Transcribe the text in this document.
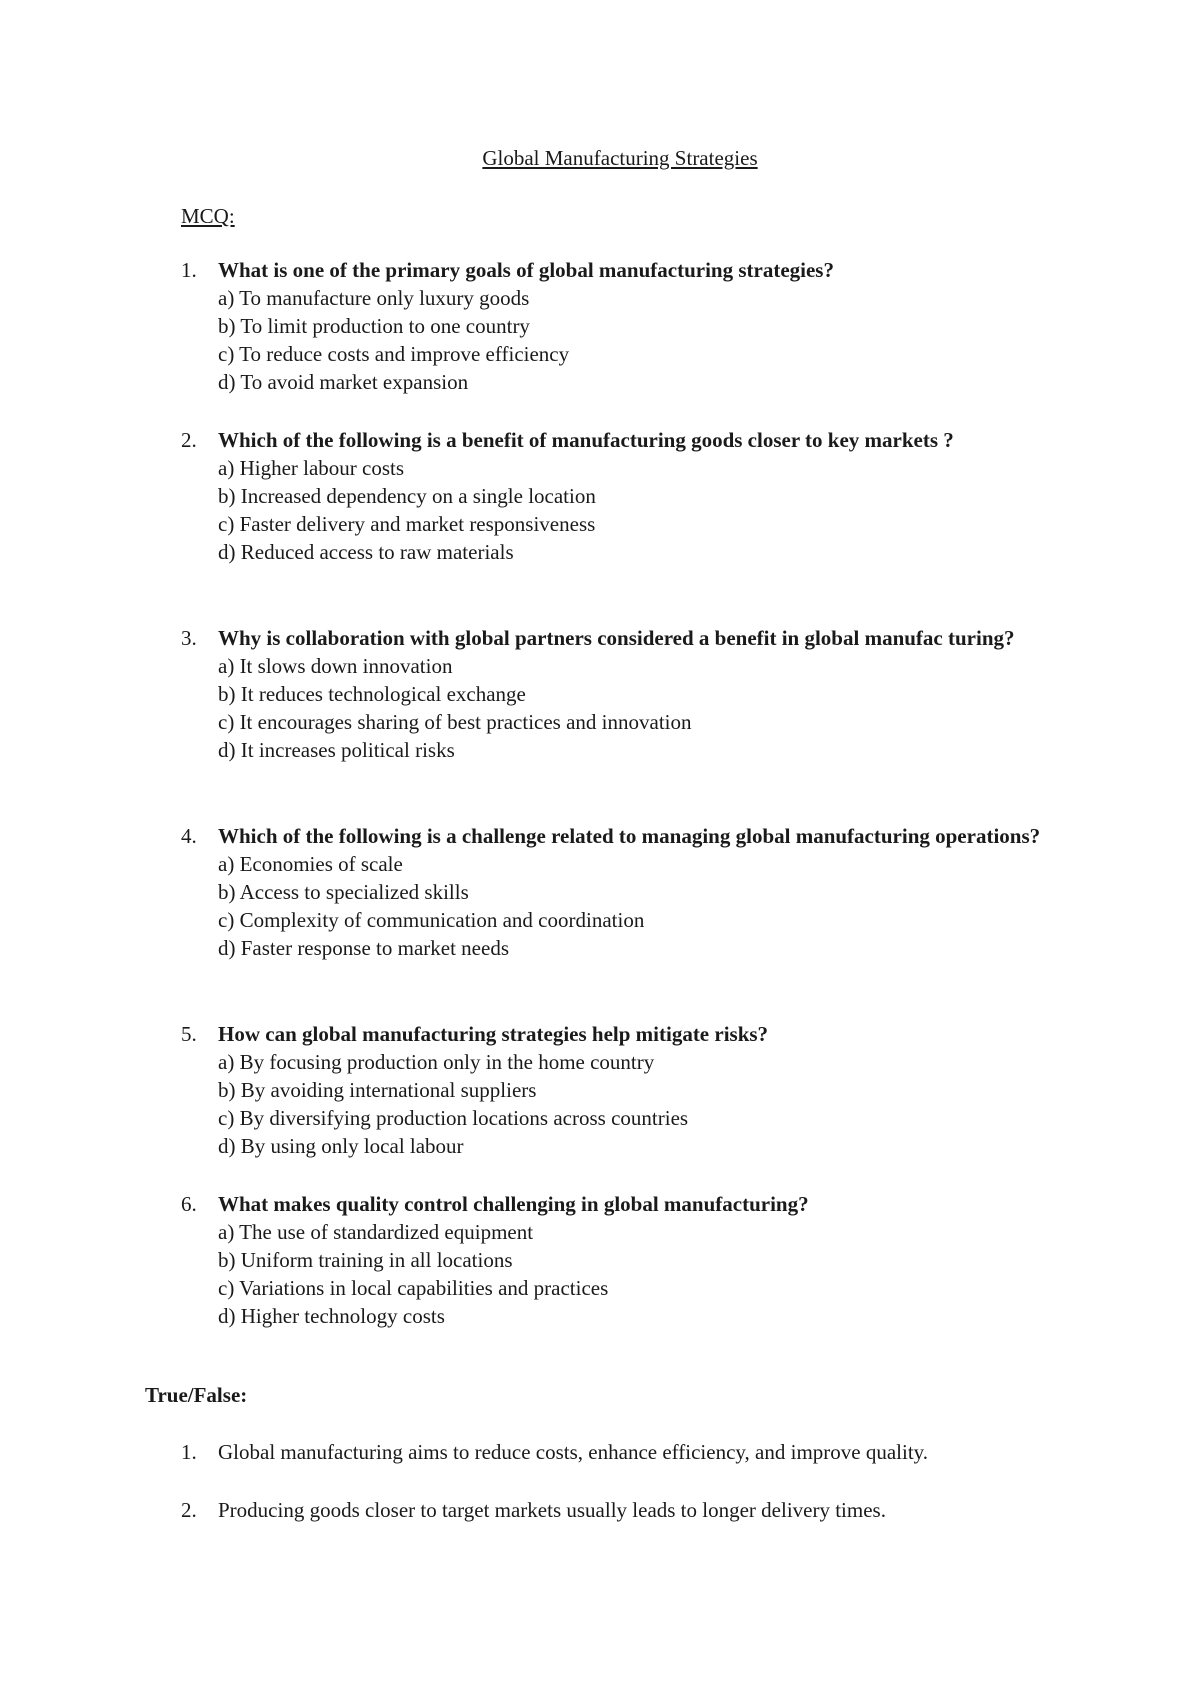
Global Manufacturing Strategies
MCQ:
1. What is one of the primary goals of global manufacturing strategies?
a) To manufacture only luxury goods
b) To limit production to one country
c) To reduce costs and improve efficiency
d) To avoid market expansion
2. Which of the following is a benefit of manufacturing goods closer to key markets ?
a) Higher labour costs
b) Increased dependency on a single location
c) Faster delivery and market responsiveness
d) Reduced access to raw materials
3. Why is collaboration with global partners considered a benefit in global manufac turing?
a) It slows down innovation
b) It reduces technological exchange
c) It encourages sharing of best practices and innovation
d) It increases political risks
4. Which of the following is a challenge related to managing global manufacturing operations?
a) Economies of scale
b) Access to specialized skills
c) Complexity of communication and coordination
d) Faster response to market needs
5. How can global manufacturing strategies help mitigate risks?
a) By focusing production only in the home country
b) By avoiding international suppliers
c) By diversifying production locations across countries
d) By using only local labour
6. What makes quality control challenging in global manufacturing?
a) The use of standardized equipment
b) Uniform training in all locations
c) Variations in local capabilities and practices
d) Higher technology costs
True/False:
1. Global manufacturing aims to reduce costs, enhance efficiency, and improve quality.
2. Producing goods closer to target markets usually leads to longer delivery times.
